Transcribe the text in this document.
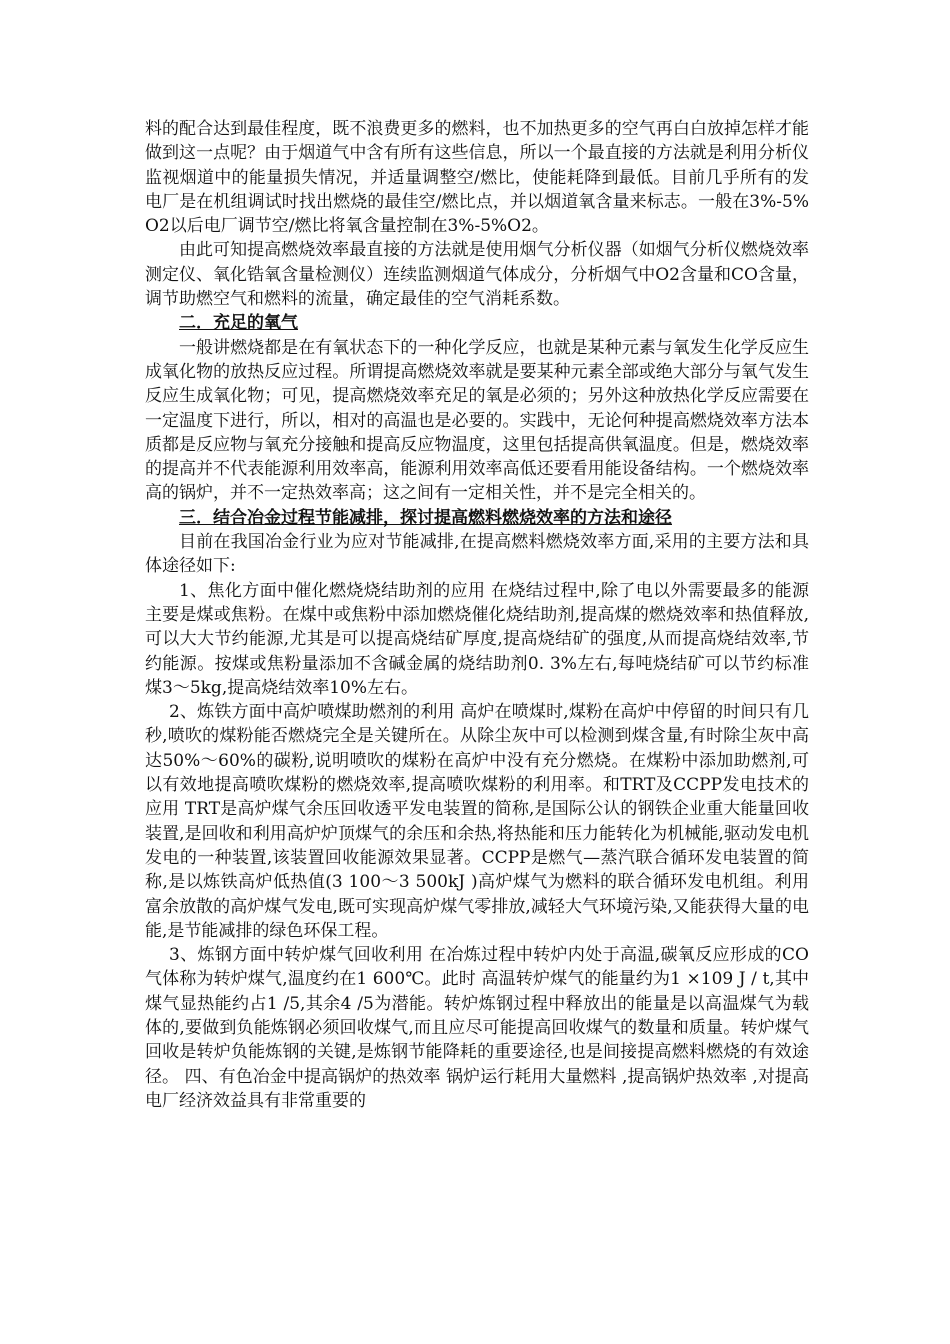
料的配合达到最佳程度，既不浪费更多的燃料，也不加热更多的空气再白白放掉怎样才能做到这一点呢？由于烟道气中含有所有这些信息，所以一个最直接的方法就是利用分析仪监视烟道中的能量损失情况，并适量调整空/燃比，使能耗降到最低。目前几乎所有的发电厂是在机组调试时找出燃烧的最佳空/燃比点，并以烟道氧含量来标志。一般在3%-5%O2以后电厂调节空/燃比将氧含量控制在3%-5%O2。

由此可知提高燃烧效率最直接的方法就是使用烟气分析仪器（如烟气分析仪燃烧效率测定仪、氧化锆氧含量检测仪）连续监测烟道气体成分，分析烟气中O2含量和CO含量，调节助燃空气和燃料的流量，确定最佳的空气消耗系数。

二．充足的氧气

一般讲燃烧都是在有氧状态下的一种化学反应，也就是某种元素与氧发生化学反应生成氧化物的放热反应过程。所谓提高燃烧效率就是要某种元素全部或绝大部分与氧气发生反应生成氧化物；可见，提高燃烧效率充足的氧是必须的；另外这种放热化学反应需要在一定温度下进行，所以，相对的高温也是必要的。实践中，无论何种提高燃烧效率方法本质都是反应物与氧充分接触和提高反应物温度，这里包括提高供氧温度。但是，燃烧效率的提高并不代表能源利用效率高，能源利用效率高低还要看用能设备结构。一个燃烧效率高的锅炉，并不一定热效率高；这之间有一定相关性，并不是完全相关的。

三．结合冶金过程节能减排，探讨提高燃料燃烧效率的方法和途径

目前在我国冶金行业为应对节能减排,在提高燃料燃烧效率方面,采用的主要方法和具体途径如下:

1、焦化方面中催化燃烧烧结助剂的应用 在烧结过程中,除了电以外需要最多的能源主要是煤或焦粉。在煤中或焦粉中添加燃烧催化烧结助剂,提高煤的燃烧效率和热值释放,可以大大节约能源,尤其是可以提高烧结矿厚度,提高烧结矿的强度,从而提高烧结效率,节约能源。按煤或焦粉量添加不含碱金属的烧结助剂0. 3%左右,每吨烧结矿可以节约标准煤3～5kg,提高烧结效率10%左右。

2、炼铁方面中高炉喷煤助燃剂的利用 高炉在喷煤时,煤粉在高炉中停留的时间只有几秒,喷吹的煤粉能否燃烧完全是关键所在。从除尘灰中可以检测到煤含量,有时除尘灰中高达50%～60%的碳粉,说明喷吹的煤粉在高炉中没有充分燃烧。在煤粉中添加助燃剂,可以有效地提高喷吹煤粉的燃烧效率,提高喷吹煤粉的利用率。和TRT及CCPP发电技术的应用 TRT是高炉煤气余压回收透平发电装置的简称,是国际公认的钢铁企业重大能量回收装置,是回收和利用高炉炉顶煤气的余压和余热,将热能和压力能转化为机械能,驱动发电机发电的一种装置,该装置回收能源效果显著。CCPP是燃气—蒸汽联合循环发电装置的简称,是以炼铁高炉低热值(3 100～3 500kJ )高炉煤气为燃料的联合循环发电机组。利用富余放散的高炉煤气发电,既可实现高炉煤气零排放,减轻大气环境污染,又能获得大量的电能,是节能减排的绿色环保工程。

3、炼钢方面中转炉煤气回收利用 在冶炼过程中转炉内处于高温,碳氧反应形成的CO气体称为转炉煤气,温度约在1 600℃。此时 高温转炉煤气的能量约为1 ×109 J / t,其中煤气显热能约占1 /5,其余4 /5为潜能。转炉炼钢过程中释放出的能量是以高温煤气为载体的,要做到负能炼钢必须回收煤气,而且应尽可能提高回收煤气的数量和质量。转炉煤气回收是转炉负能炼钢的关键,是炼钢节能降耗的重要途径,也是间接提高燃料燃烧的有效途径。 四、有色冶金中提高锅炉的热效率 锅炉运行耗用大量燃料 ,提高锅炉热效率 ,对提高电厂经济效益具有非常重要的
